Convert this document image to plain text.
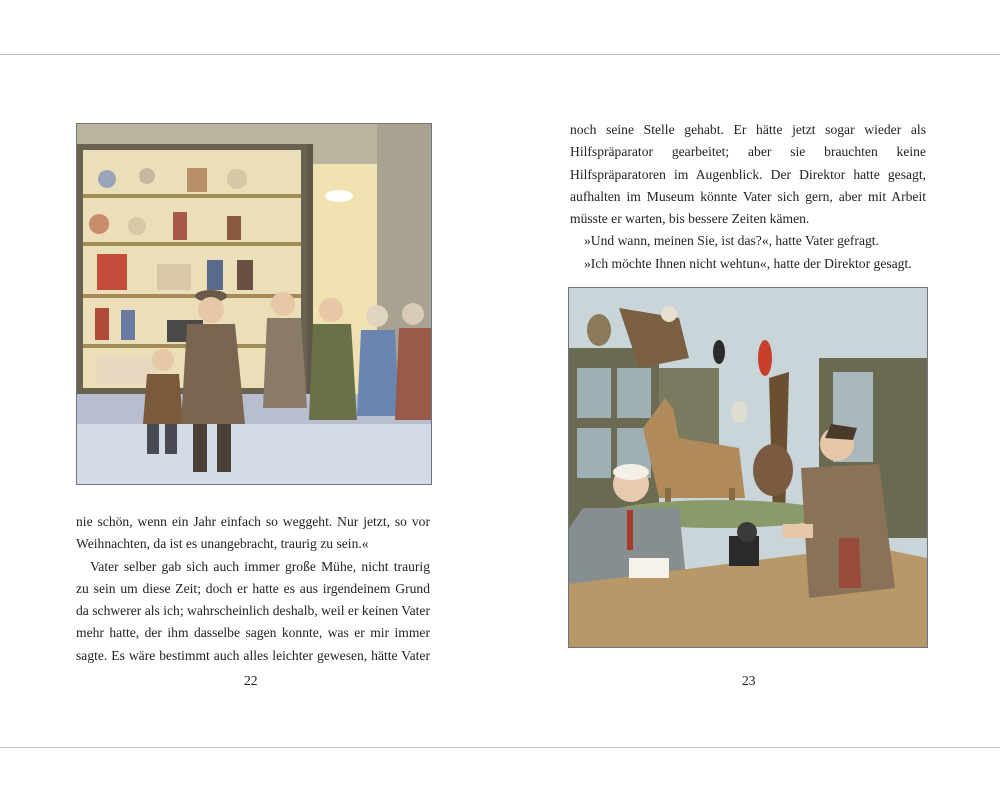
nie schön, wenn ein Jahr einfach so weggeht. Nur jetzt, so vor Weihnachten, da ist es unangebracht, traurig zu sein.«

Vater selber gab sich auch immer große Mühe, nicht traurig zu sein um diese Zeit; doch er hatte es aus irgendeinem Grund da schwerer als ich; wahrscheinlich deshalb, weil er keinen Vater mehr hatte, der ihm dasselbe sagen konnte, was er mir immer sagte. Es wäre bestimmt auch alles leichter gewesen, hätte Vater

22

noch seine Stelle gehabt. Er hätte jetzt sogar wieder als Hilfspräparator gearbeitet; aber sie brauchten keine Hilfspräparatoren im Augenblick. Der Direktor hatte gesagt, aufhalten im Museum könnte Vater sich gern, aber mit Arbeit müsste er warten, bis bessere Zeiten kämen.

»Und wann, meinen Sie, ist das?«, hatte Vater gefragt.

»Ich möchte Ihnen nicht wehtun«, hatte der Direktor gesagt.

23
